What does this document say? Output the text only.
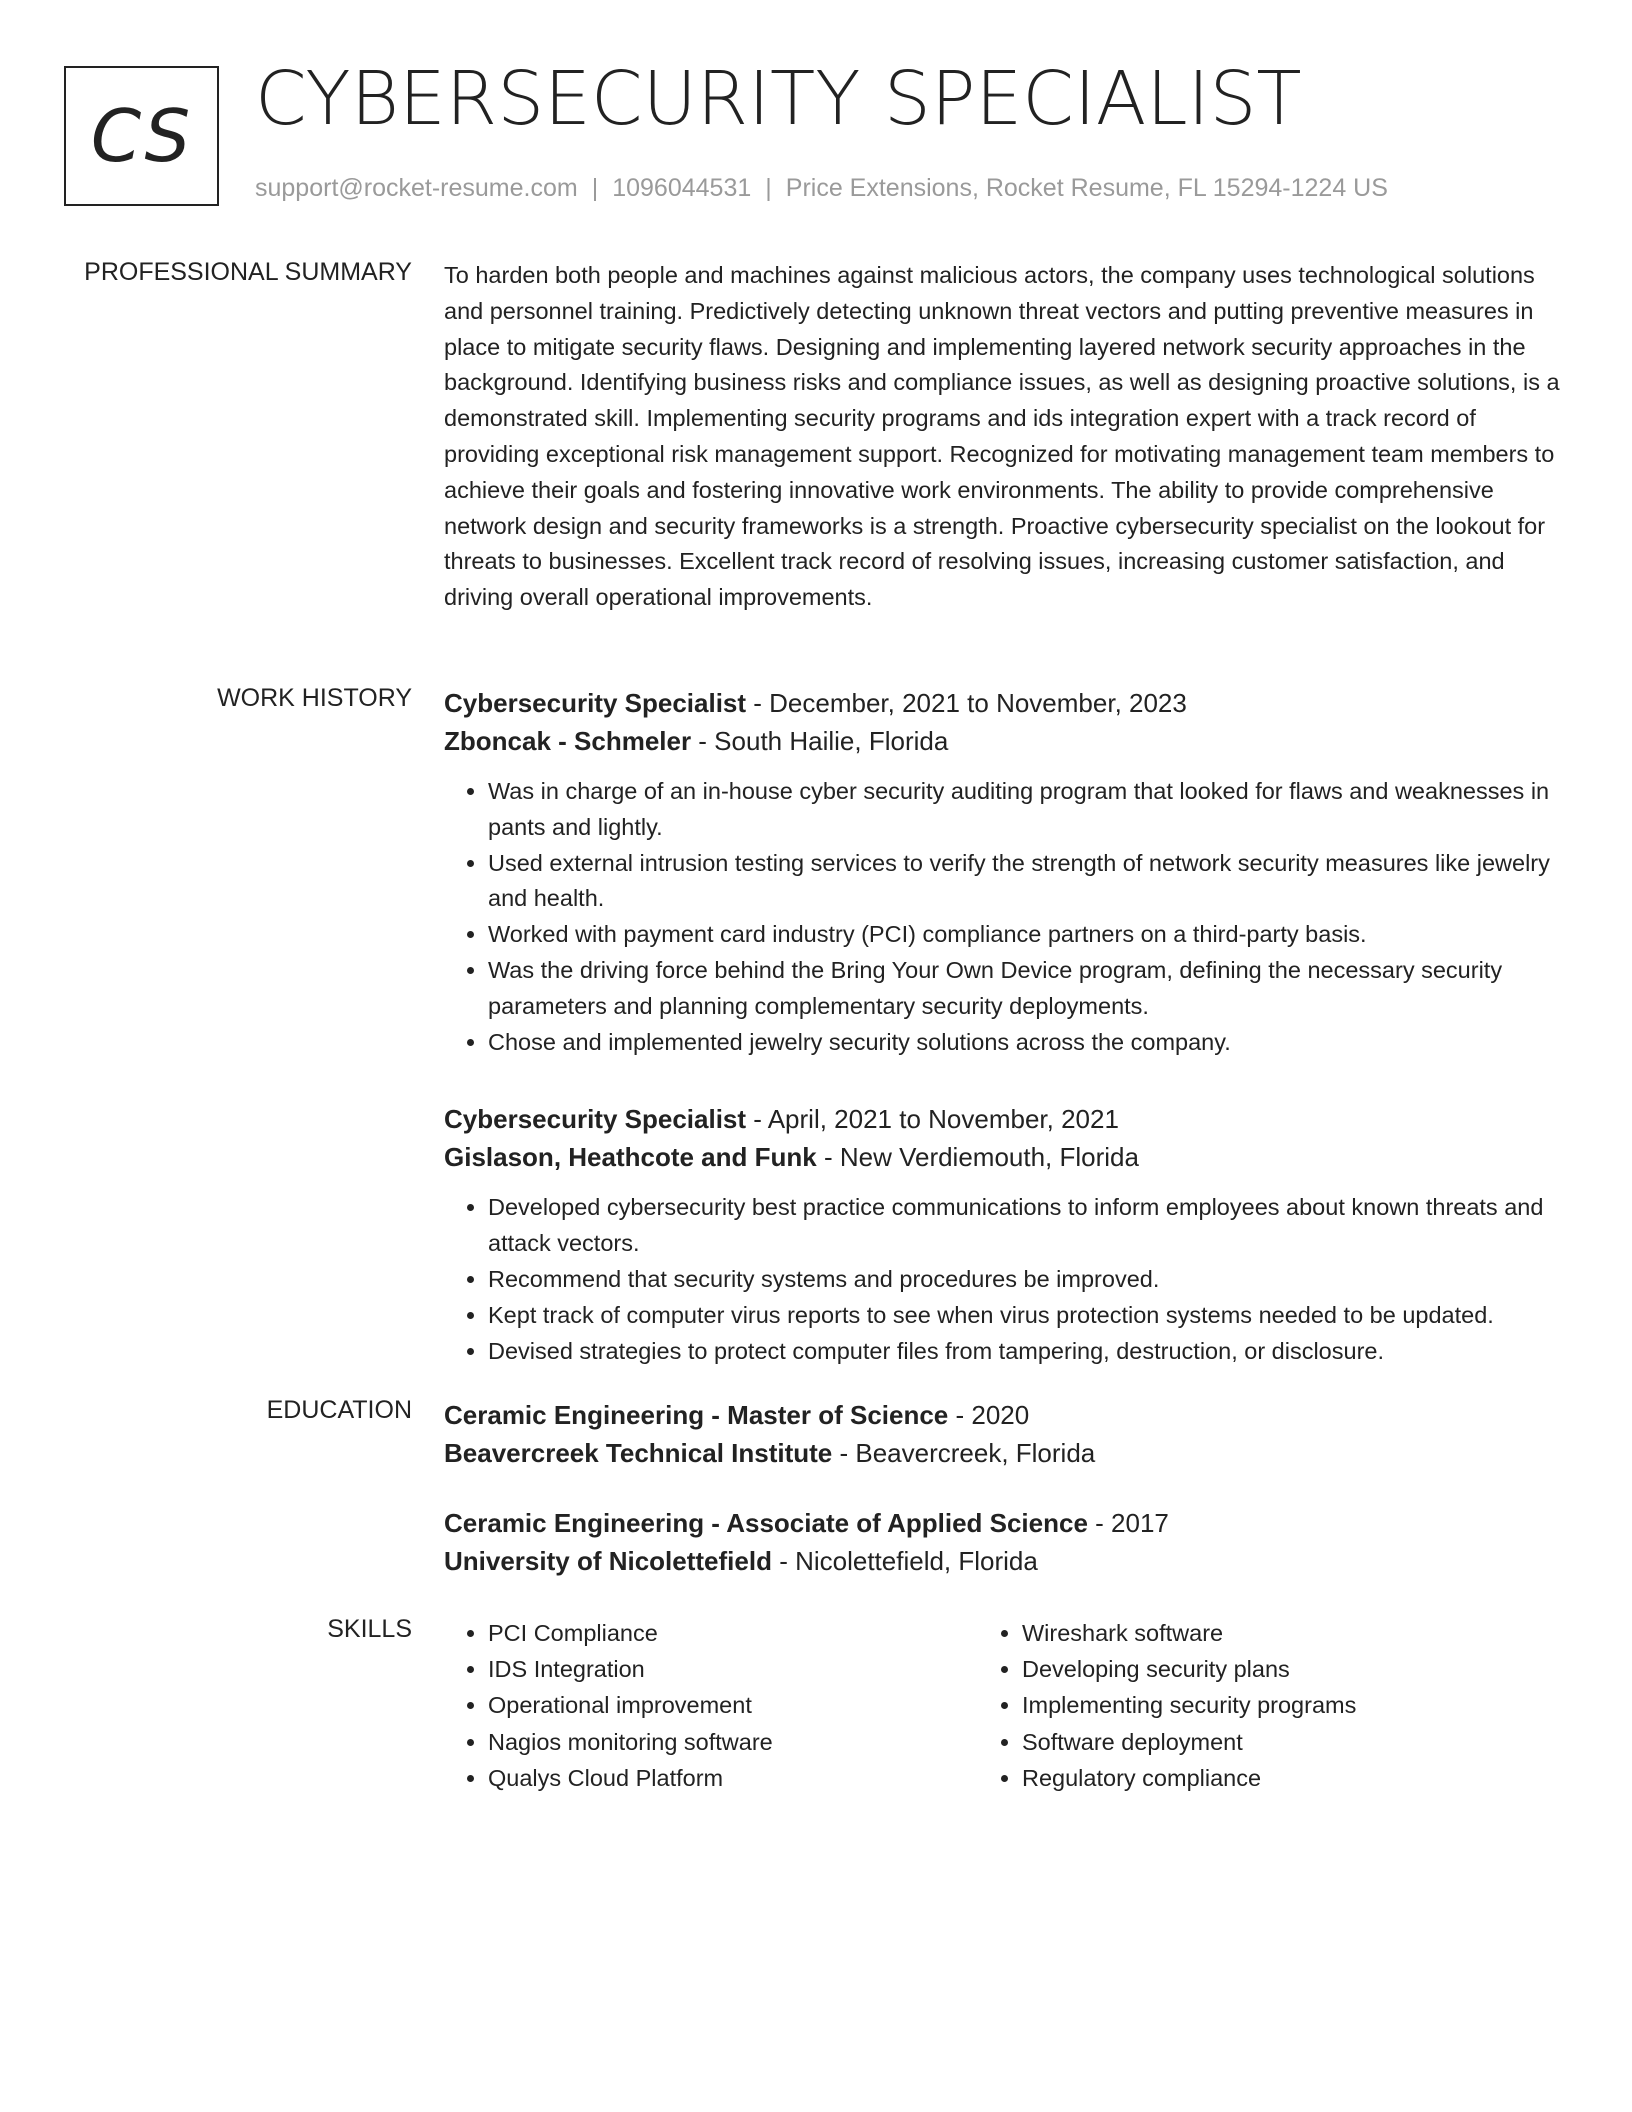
CS CYBERSECURITY SPECIALIST
support@rocket-resume.com | 1096044531 | Price Extensions, Rocket Resume, FL 15294-1224 US
PROFESSIONAL SUMMARY To harden both people and machines against malicious actors, the company uses technological solutions and personnel training. Predictively detecting unknown threat vectors and putting preventive measures in place to mitigate security flaws. Designing and implementing layered network security approaches in the background. Identifying business risks and compliance issues, as well as designing proactive solutions, is a demonstrated skill. Implementing security programs and ids integration expert with a track record of providing exceptional risk management support. Recognized for motivating management team members to achieve their goals and fostering innovative work environments. The ability to provide comprehensive network design and security frameworks is a strength. Proactive cybersecurity specialist on the lookout for threats to businesses. Excellent track record of resolving issues, increasing customer satisfaction, and driving overall operational improvements.

WORK HISTORY Cybersecurity Specialist - December, 2021 to November, 2023

Zboncak - Schmeler - South Hailie, Florida

• Was in charge of an in-house cyber security auditing program that looked for flaws and weaknesses in pants and lightly.
• Used external intrusion testing services to verify the strength of network security measures like jewelry and health.
• Worked with payment card industry (PCI) compliance partners on a third-party basis.
• Was the driving force behind the Bring Your Own Device program, defining the necessary security parameters and planning complementary security deployments.
• Chose and implemented jewelry security solutions across the company.

Cybersecurity Specialist - April, 2021 to November, 2021

Gislason, Heathcote and Funk - New Verdiemouth, Florida

• Developed cybersecurity best practice communications to inform employees about known threats and attack vectors.
• Recommend that security systems and procedures be improved.
• Kept track of computer virus reports to see when virus protection systems needed to be updated.
• Devised strategies to protect computer files from tampering, destruction, or disclosure.
EDUCATION Ceramic Engineering - Master of Science - 2020

Beavercreek Technical Institute - Beavercreek, Florida

Ceramic Engineering - Associate of Applied Science - 2017

University of Nicolettefield - Nicolettefield, Florida

SKILLS
•	PCI Compliance
• IDS Integration
• Operational improvement
• Nagios monitoring software
• Qualys Cloud Platform
• Wireshark software
• Developing security plans
• Implementing security programs
• Software deployment
• Regulatory compliance
